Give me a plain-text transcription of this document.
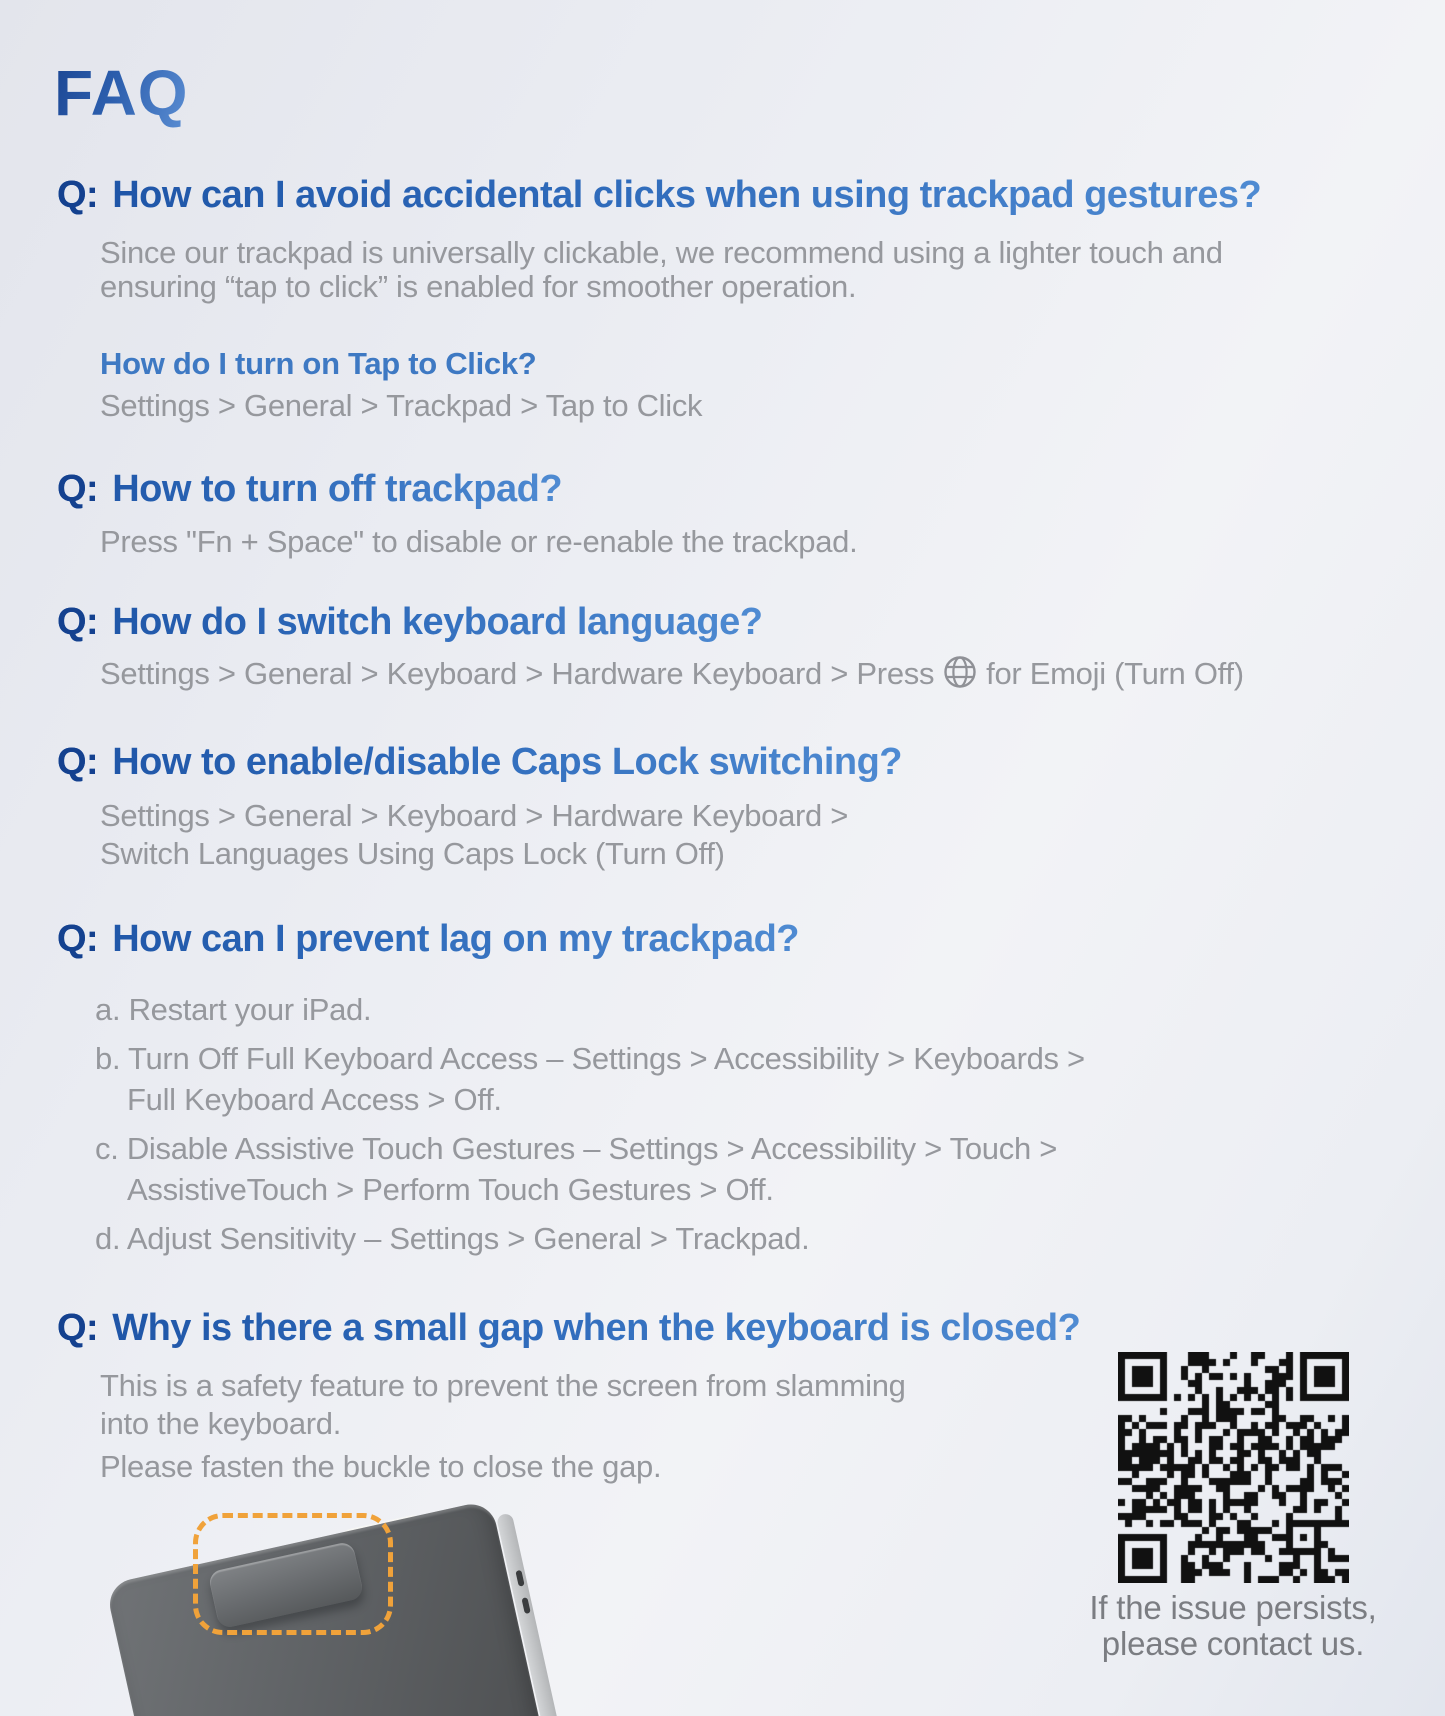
FAQ
Q: How can I avoid accidental clicks when using trackpad gestures?
Since our trackpad is universally clickable, we recommend using a lighter touch and
ensuring “tap to click” is enabled for smoother operation.
How do I turn on Tap to Click?
Settings > General > Trackpad > Tap to Click
Q: How to turn off trackpad?
Press "Fn + Space" to disable or re-enable the trackpad.
Q: How do I switch keyboard language?
Settings > General > Keyboard > Hardware Keyboard > Press for Emoji (Turn Off)
Q: How to enable/disable Caps Lock switching?
Settings > General > Keyboard > Hardware Keyboard >
Switch Languages Using Caps Lock (Turn Off)
Q: How can I prevent lag on my trackpad?
a. Restart your iPad.
b. Turn Off Full Keyboard Access – Settings > Accessibility > Keyboards >
Full Keyboard Access > Off.
c. Disable Assistive Touch Gestures – Settings > Accessibility > Touch >
AssistiveTouch > Perform Touch Gestures > Off.
d. Adjust Sensitivity – Settings > General > Trackpad.
Q: Why is there a small gap when the keyboard is closed?
This is a safety feature to prevent the screen from slamming
into the keyboard.
Please fasten the buckle to close the gap.
If the issue persists,
please contact us.
